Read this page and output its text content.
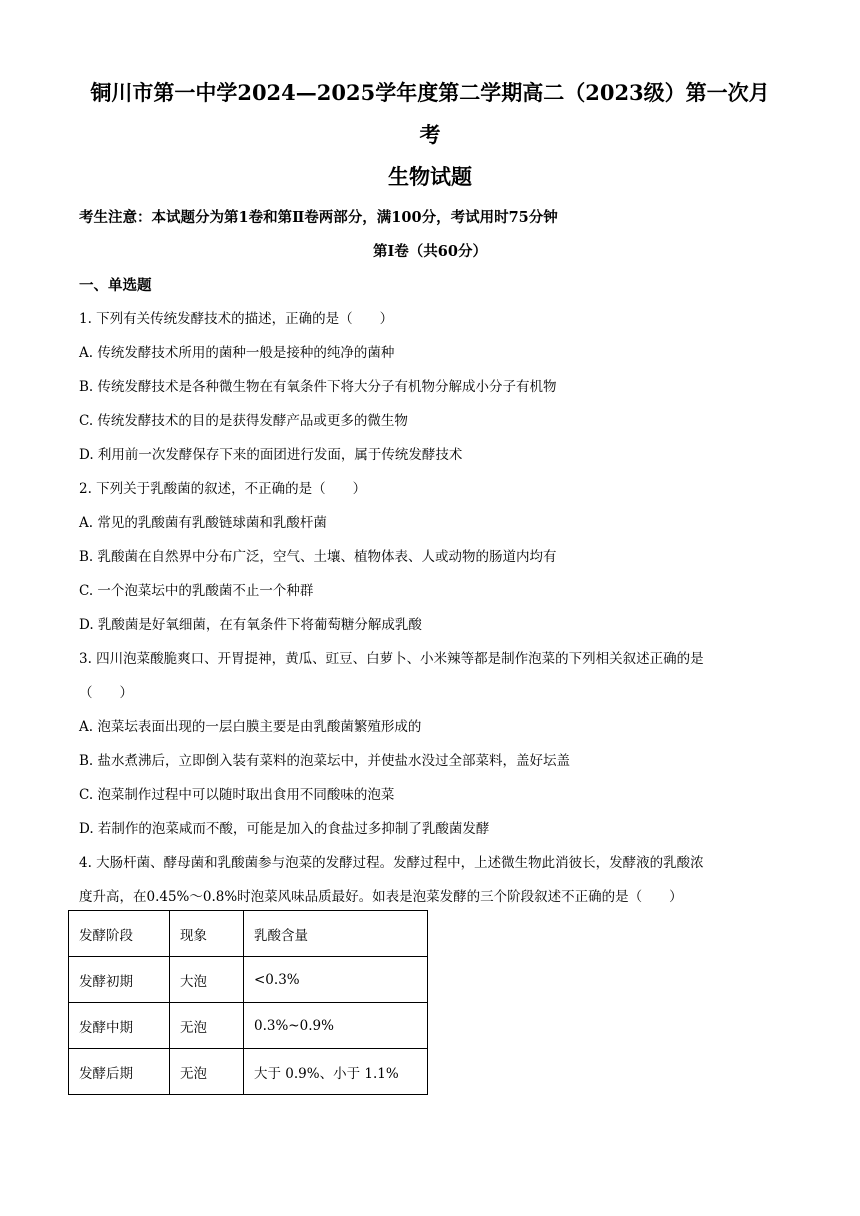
铜川市第一中学2024—2025学年度第二学期高二（2023级）第一次月
考
生物试题
考生注意：本试题分为第1卷和第Ⅱ卷两部分，满100分，考试用时75分钟
第I卷（共60分）
一、单选题
1. 下列有关传统发酵技术的描述，正确的是（　　）
A. 传统发酵技术所用的菌种一般是接种的纯净的菌种
B. 传统发酵技术是各种微生物在有氧条件下将大分子有机物分解成小分子有机物
C. 传统发酵技术的目的是获得发酵产品或更多的微生物
D. 利用前一次发酵保存下来的面团进行发面，属于传统发酵技术
2. 下列关于乳酸菌的叙述，不正确的是（　　）
A. 常见的乳酸菌有乳酸链球菌和乳酸杆菌
B. 乳酸菌在自然界中分布广泛，空气、土壤、植物体表、人或动物的肠道内均有
C. 一个泡菜坛中的乳酸菌不止一个种群
D. 乳酸菌是好氧细菌，在有氧条件下将葡萄糖分解成乳酸
3. 四川泡菜酸脆爽口、开胃提神，黄瓜、豇豆、白萝卜、小米辣等都是制作泡菜的下列相关叙述正确的是
（　　）
A. 泡菜坛表面出现的一层白膜主要是由乳酸菌繁殖形成的
B. 盐水煮沸后，立即倒入装有菜料的泡菜坛中，并使盐水没过全部菜料，盖好坛盖
C. 泡菜制作过程中可以随时取出食用不同酸味的泡菜
D. 若制作的泡菜咸而不酸，可能是加入的食盐过多抑制了乳酸菌发酵
4. 大肠杆菌、酵母菌和乳酸菌参与泡菜的发酵过程。发酵过程中，上述微生物此消彼长，发酵液的乳酸浓
度升高，在0.45%～0.8%时泡菜风味品质最好。如表是泡菜发酵的三个阶段叙述不正确的是（　　）
发酵阶段	现象	乳酸含量
发酵初期	大泡	<0.3%
发酵中期	无泡	0.3%~0.9%
发酵后期	无泡	大于 0.9%、小于 1.1%
